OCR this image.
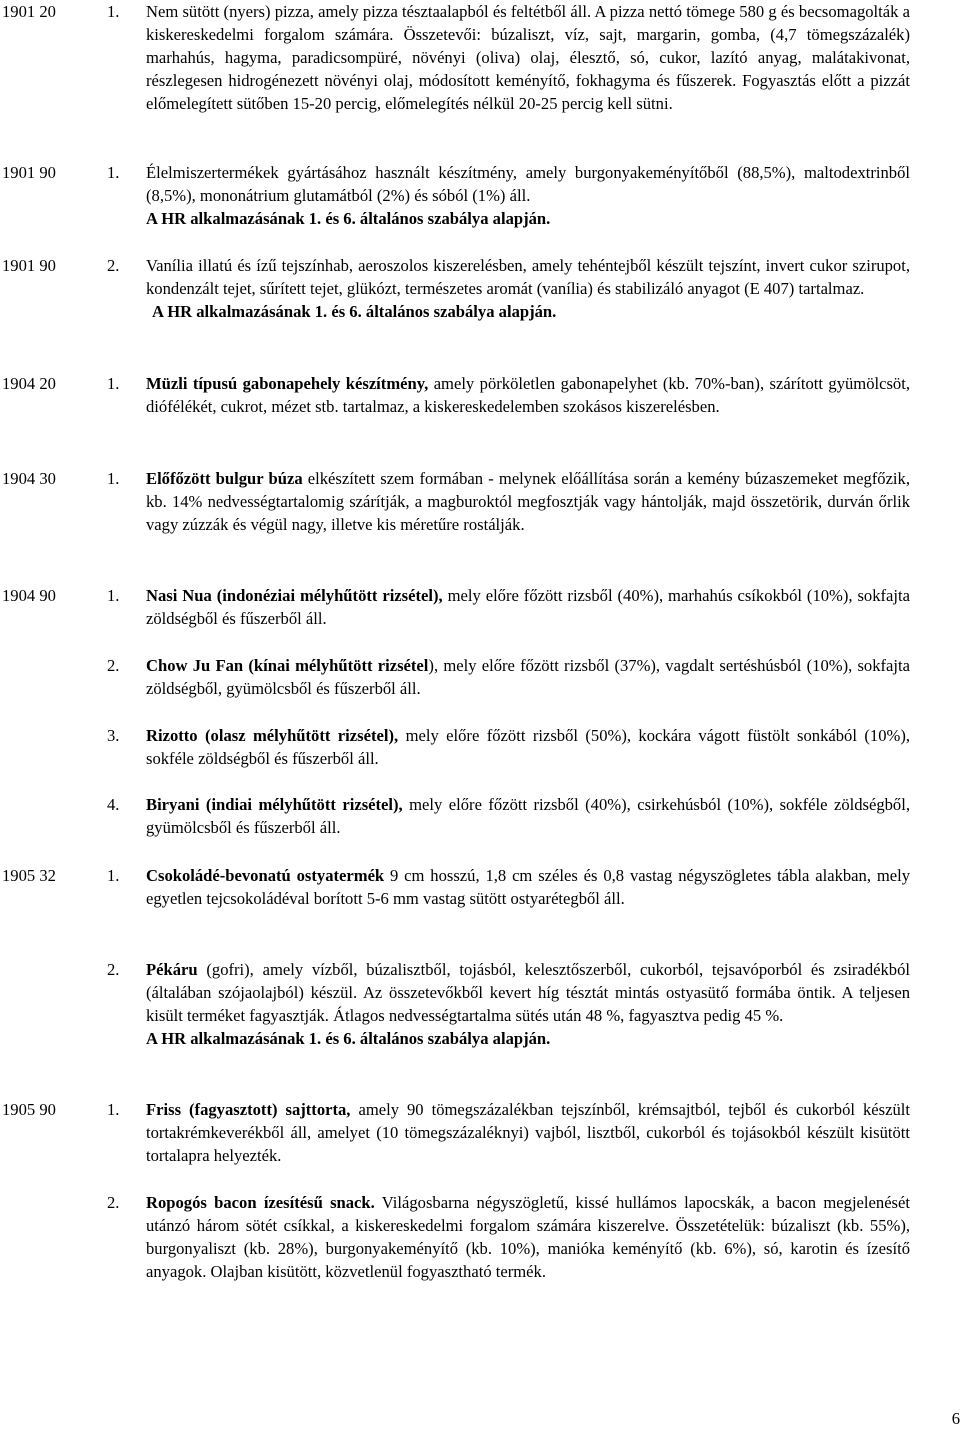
1901 20	1. Nem sütött (nyers) pizza, amely pizza tésztaalapból és feltétből áll. A pizza nettó tömege 580 g és becsomagolták a kiskereskedelmi forgalom számára. Összetevői: búzaliszt, víz, sajt, margarin, gomba, (4,7 tömegszázalék) marhahús, hagyma, paradicsompüré, növényi (oliva) olaj, élesztő, só, cukor, lazító anyag, malátakivonat, részlegesen hidrogénezett növényi olaj, módosított keményítő, fokhagyma és fűszerek. Fogyasztás előtt a pizzát előmelegített sütőben 15-20 percig, előmelegítés nélkül 20-25 percig kell sütni.

1901 90	1. Élelmiszertermékek gyártásához használt készítmény, amely burgonyakeményítőből (88,5%), maltodextrinből (8,5%), mononátrium glutamátból (2%) és sóból (1%) áll.

A HR alkalmazásának 1. és 6. általános szabálya alapján.

1901 90	2. Vanília illatú és ízű tejszínhab, aeroszolos kiszerelésben, amely tehéntejből készült tejszínt, invert cukor szirupot, kondenzált tejet, sűrített tejet, glükózt, természetes aromát (vanília) és stabilizáló anyagot (E 407) tartalmaz.

A HR alkalmazásának 1. és 6. általános szabálya alapján.

1904 20	1. Müzli típusú gabonapehely készítmény, amely pörköletlen gabonapelyhet (kb. 70%-ban), szárított gyümölcsöt, diófélékét, cukrot, mézet stb. tartalmaz, a kiskereskedelemben szokásos kiszerelésben.

1904 30	1. Előfőzött bulgur búza elkészített szem formában - melynek előállítása során a kemény búzaszemeket megfőzik, kb. 14% nedvességtartalomig szárítják, a magburoktól megfosztják vagy hántolják, majd összetörik, durván őrlik vagy zúzzák és végül nagy, illetve kis méretűre rostálják.

1904 90	1. Nasi Nua (indonéziai mélyhűtött rizsétel), mely előre főzött rizsből (40%), marhahús csíkokból (10%), sokfajta zöldségből és fűszerből áll.

2. Chow Ju Fan (kínai mélyhűtött rizsétel), mely előre főzött rizsből (37%), vagdalt sertéshúsból (10%), sokfajta zöldségből, gyümölcsből és fűszerből áll.

3. Rizotto (olasz mélyhűtött rizsétel), mely előre főzött rizsből (50%), kockára vágott füstölt sonkából (10%), sokféle zöldségből és fűszerből áll.

4. Biryani (indiai mélyhűtött rizsétel), mely előre főzött rizsből (40%), csirkehúsból (10%), sokféle zöldségből, gyümölcsből és fűszerből áll.

1905 32	1. Csokoládé-bevonatú ostyatermék 9 cm hosszú, 1,8 cm széles és 0,8 vastag négyszögletes tábla alakban, mely egyetlen tejcsokoládéval borított 5-6 mm vastag sütött ostyarétegből áll.

2. Pékáru (gofri), amely vízből, búzalisztből, tojásból, kelesztőszerből, cukorból, tejsavóporból és zsiradékból (általában szójaolajból) készül. Az összetevőkből kevert híg tésztát mintás ostyasütő formába öntik. A teljesen kisült terméket fagyasztják. Átlagos nedvességtartalma sütés után 48 %, fagyasztva pedig 45 %.

A HR alkalmazásának 1. és 6. általános szabálya alapján.

1905 90	1. Friss (fagyasztott) sajttorta, amely 90 tömegszázalékban tejszínből, krémsajtból, tejből és cukorból készült tortakrémkeverékből áll, amelyet (10 tömegszázaléknyi) vajból, lisztből, cukorból és tojásokból készült kisütött tortalapra helyezték.

2. Ropogós bacon ízesítésű snack. Világosbarna négyszögletű, kissé hullámos lapocskák, a bacon megjelenését utánzó három sötét csíkkal, a kiskereskedelmi forgalom számára kiszerelve. Összetételük: búzaliszt (kb. 55%), burgonyaliszt (kb. 28%), burgonyakeményítő (kb. 10%), manióka keményítő (kb. 6%), só, karotin és ízesítő anyagok. Olajban kisütött, közvetlenül fogyasztható termék.

6
